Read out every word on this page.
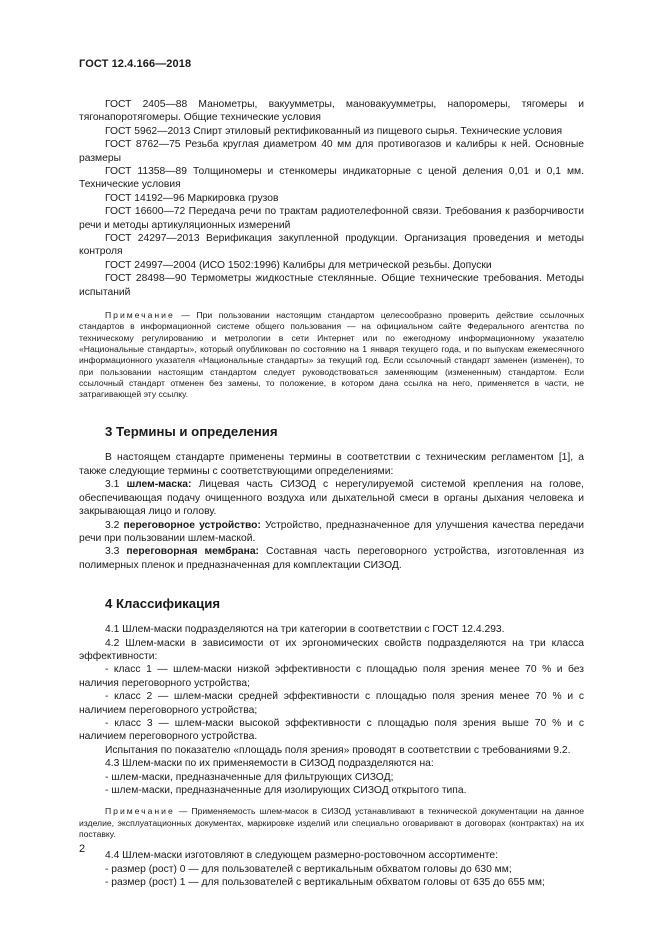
ГОСТ 12.4.166—2018

ГОСТ 2405—88 Манометры, вакуумметры, мановакуумметры, напоромеры, тягомеры и тягонапоротягомеры. Общие технические условия

ГОСТ 5962—2013 Спирт этиловый ректификованный из пищевого сырья. Технические условия

ГОСТ 8762—75 Резьба круглая диаметром 40 мм для противогазов и калибры к ней. Основные размеры

ГОСТ 11358—89 Толщиномеры и стенкомеры индикаторные с ценой деления 0,01 и 0,1 мм. Технические условия

ГОСТ 14192—96 Маркировка грузов

ГОСТ 16600—72 Передача речи по трактам радиотелефонной связи. Требования к разборчивости речи и методы артикуляционных измерений

ГОСТ 24297—2013 Верификация закупленной продукции. Организация проведения и методы контроля

ГОСТ 24997—2004 (ИСО 1502:1996) Калибры для метрической резьбы. Допуски

ГОСТ 28498—90 Термометры жидкостные стеклянные. Общие технические требования. Методы испытаний

Примечание — При пользовании настоящим стандартом целесообразно проверить действие ссылочных стандартов в информационной системе общего пользования — на официальном сайте Федерального агентства по техническому регулированию и метрологии в сети Интернет или по ежегодному информационному указателю «Национальные стандарты», который опубликован по состоянию на 1 января текущего года, и по выпускам ежемесячного информационного указателя «Национальные стандарты» за текущий год. Если ссылочный стандарт заменен (изменен), то при пользовании настоящим стандартом следует руководствоваться заменяющим (измененным) стандартом. Если ссылочный стандарт отменен без замены, то положение, в котором дана ссылка на него, применяется в части, не затрагивающей эту ссылку.

3 Термины и определения

В настоящем стандарте применены термины в соответствии с техническим регламентом [1], а также следующие термины с соответствующими определениями:

3.1 шлем-маска: Лицевая часть СИЗОД с нерегулируемой системой крепления на голове, обеспечивающая подачу очищенного воздуха или дыхательной смеси в органы дыхания человека и закрывающая лицо и голову.

3.2 переговорное устройство: Устройство, предназначенное для улучшения качества передачи речи при пользовании шлем-маской.

3.3 переговорная мембрана: Составная часть переговорного устройства, изготовленная из полимерных пленок и предназначенная для комплектации СИЗОД.

4 Классификация

4.1 Шлем-маски подразделяются на три категории в соответствии с ГОСТ 12.4.293.

4.2 Шлем-маски в зависимости от их эргономических свойств подразделяются на три класса эффективности:

- класс 1 — шлем-маски низкой эффективности с площадью поля зрения менее 70 % и без наличия переговорного устройства;

- класс 2 — шлем-маски средней эффективности с площадью поля зрения менее 70 % и с наличием переговорного устройства;

- класс 3 — шлем-маски высокой эффективности с площадью поля зрения выше 70 % и с наличием переговорного устройства.

Испытания по показателю «площадь поля зрения» проводят в соответствии с требованиями 9.2.

4.3 Шлем-маски по их применяемости в СИЗОД подразделяются на:

- шлем-маски, предназначенные для фильтрующих СИЗОД;

- шлем-маски, предназначенные для изолирующих СИЗОД открытого типа.

Примечание — Применяемость шлем-масок в СИЗОД устанавливают в технической документации на данное изделие, эксплуатационных документах, маркировке изделий или специально оговаривают в договорах (контрактах) на их поставку.

4.4 Шлем-маски изготовляют в следующем размерно-ростовочном ассортименте:

- размер (рост) 0 — для пользователей с вертикальным обхватом головы до 630 мм;

- размер (рост) 1 — для пользователей с вертикальным обхватом головы от 635 до 655 мм;

2
